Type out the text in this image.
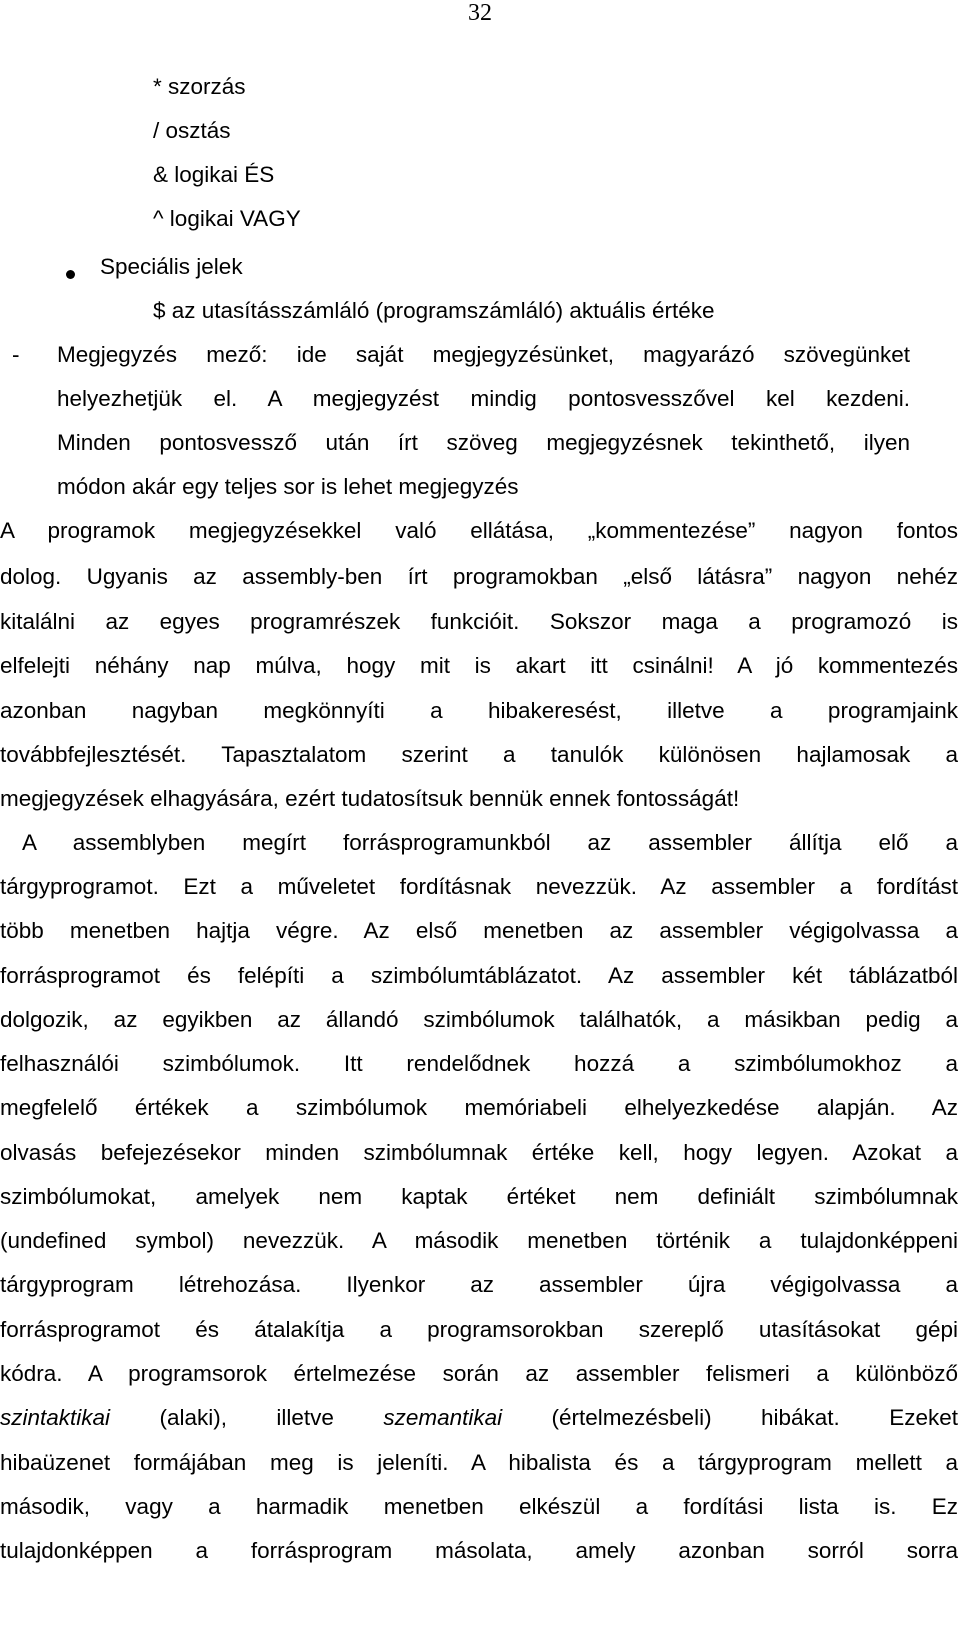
32
* szorzás
/ osztás
& logikai ÉS
^ logikai VAGY
Speciális jelek
$ az utasításszámláló (programszámláló) aktuális értéke
- Megjegyzés mező: ide saját megjegyzésünket, magyarázó szövegünket
helyezhetjük el. A megjegyzést mindig pontosvesszővel kel kezdeni.
Minden pontosvessző után írt szöveg megjegyzésnek tekinthető, ilyen
módon akár egy teljes sor is lehet megjegyzés
A programok megjegyzésekkel való ellátása, „kommentezése” nagyon fontos
dolog. Ugyanis az assembly-ben írt programokban „első látásra” nagyon nehéz
kitalálni az egyes programrészek funkcióit. Sokszor maga a programozó is
elfelejti néhány nap múlva, hogy mit is akart itt csinálni! A jó kommentezés
azonban nagyban megkönnyíti a hibakeresést, illetve a programjaink
továbbfejlesztését. Tapasztalatom szerint a tanulók különösen hajlamosak a
megjegyzések elhagyására, ezért tudatosítsuk bennük ennek fontosságát!
A assemblyben megírt forrásprogramunkból az assembler állítja elő a
tárgyprogramot. Ezt a műveletet fordításnak nevezzük. Az assembler a fordítást
több menetben hajtja végre. Az első menetben az assembler végigolvassa a
forrásprogramot és felépíti a szimbólumtáblázatot. Az assembler két táblázatból
dolgozik, az egyikben az állandó szimbólumok találhatók, a másikban pedig a
felhasználói szimbólumok. Itt rendelődnek hozzá a szimbólumokhoz a
megfelelő értékek a szimbólumok memóriabeli elhelyezkedése alapján. Az
olvasás befejezésekor minden szimbólumnak értéke kell, hogy legyen. Azokat a
szimbólumokat, amelyek nem kaptak értéket nem definiált szimbólumnak
(undefined symbol) nevezzük. A második menetben történik a tulajdonképpeni
tárgyprogram létrehozása. Ilyenkor az assembler újra végigolvassa a
forrásprogramot és átalakítja a programsorokban szereplő utasításokat gépi
kódra. A programsorok értelmezése során az assembler felismeri a különböző
szintaktikai (alaki), illetve szemantikai (értelmezésbeli) hibákat. Ezeket
hibaüzenet formájában meg is jeleníti. A hibalista és a tárgyprogram mellett a
második, vagy a harmadik menetben elkészül a fordítási lista is. Ez
tulajdonképpen a forrásprogram másolata, amely azonban sorról sorra
